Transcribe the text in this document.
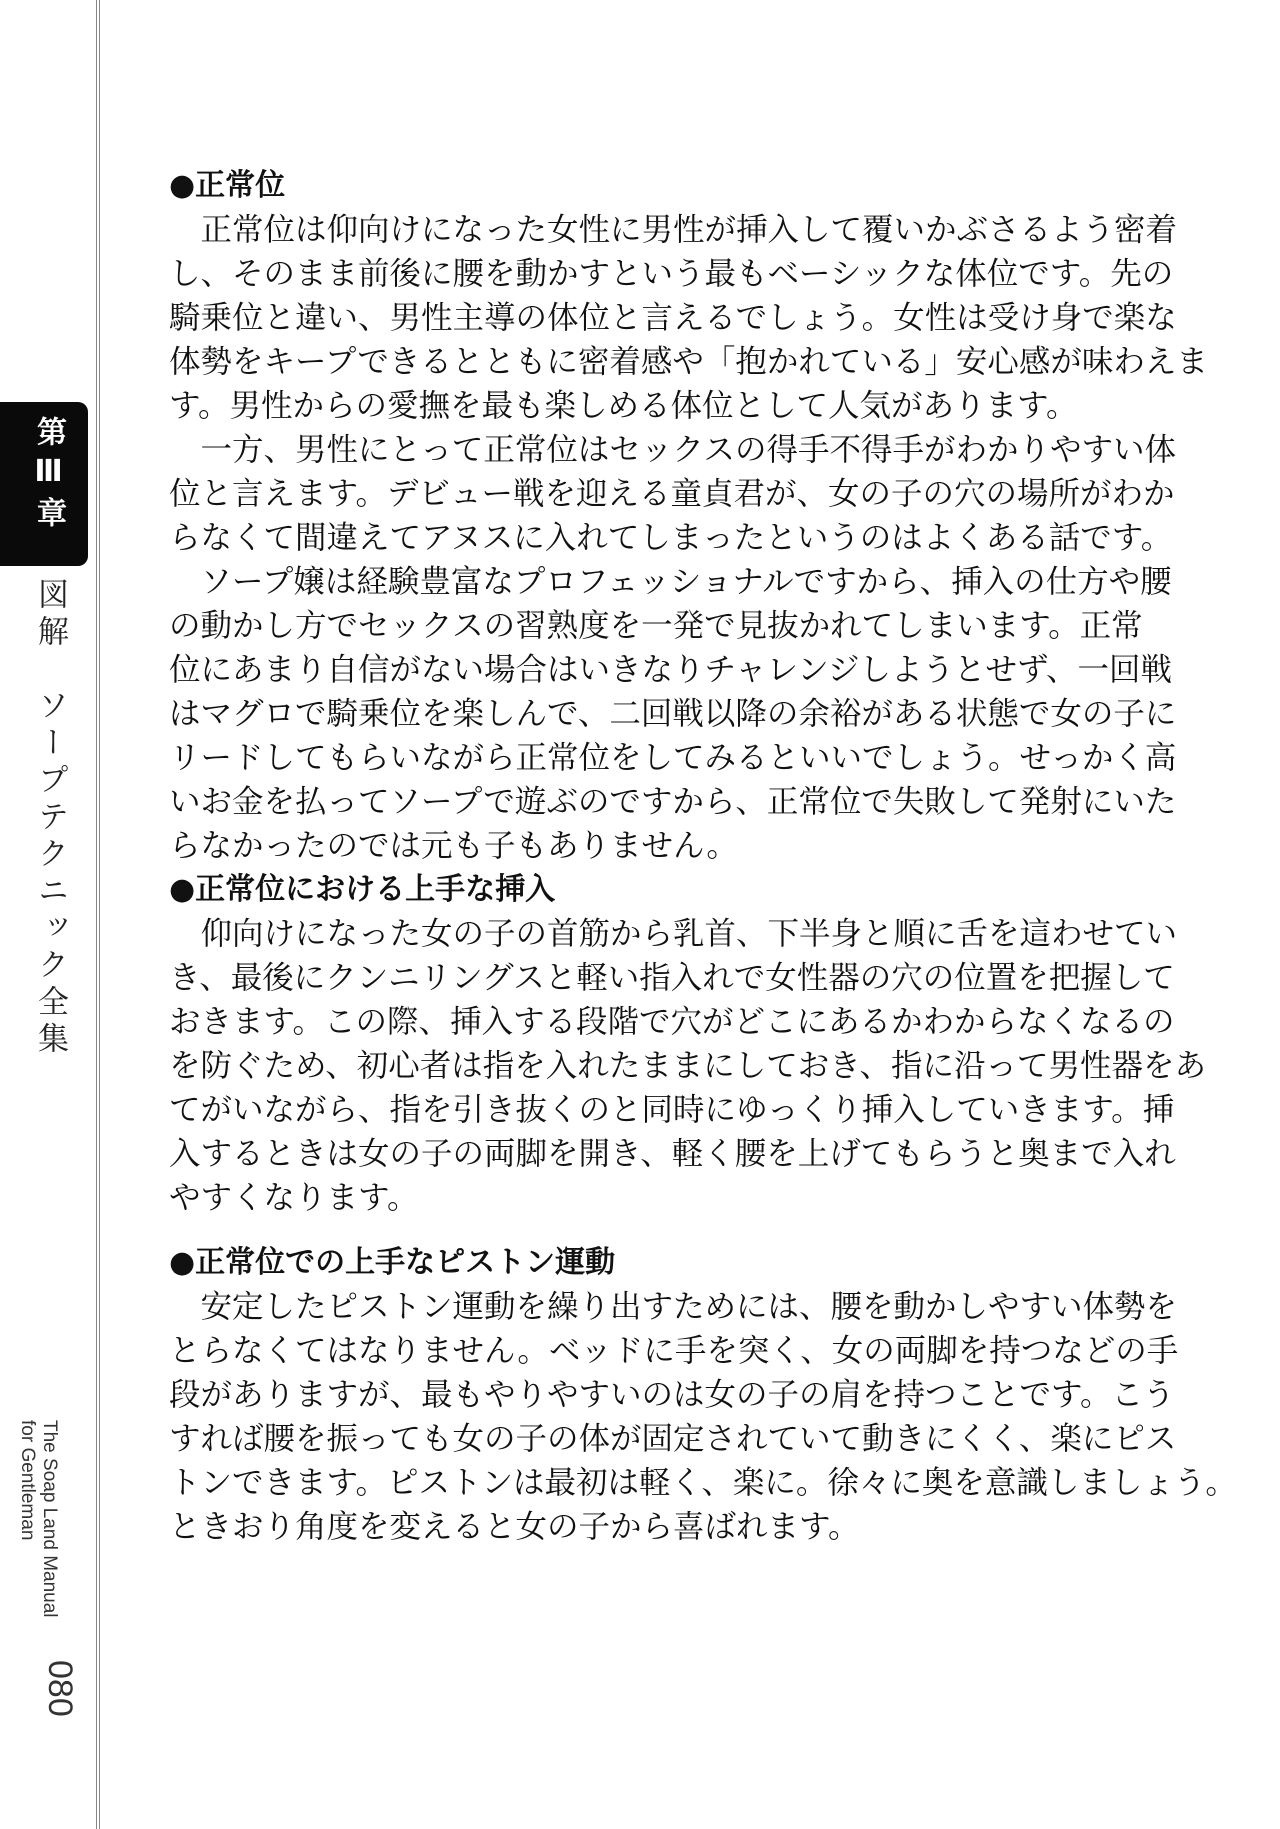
第Ⅲ章
図解　ソープテクニック全集
The Soap Land Manual
for Gentleman
080
●正常位
　正常位は仰向けになった女性に男性が挿入して覆いかぶさるよう密着
し、そのまま前後に腰を動かすという最もベーシックな体位です。先の
騎乗位と違い、男性主導の体位と言えるでしょう。女性は受け身で楽な
体勢をキープできるとともに密着感や「抱かれている」安心感が味わえま
す。男性からの愛撫を最も楽しめる体位として人気があります。
　一方、男性にとって正常位はセックスの得手不得手がわかりやすい体
位と言えます。デビュー戦を迎える童貞君が、女の子の穴の場所がわか
らなくて間違えてアヌスに入れてしまったというのはよくある話です。
　ソープ嬢は経験豊富なプロフェッショナルですから、挿入の仕方や腰
の動かし方でセックスの習熟度を一発で見抜かれてしまいます。正常
位にあまり自信がない場合はいきなりチャレンジしようとせず、一回戦
はマグロで騎乗位を楽しんで、二回戦以降の余裕がある状態で女の子に
リードしてもらいながら正常位をしてみるといいでしょう。せっかく高
いお金を払ってソープで遊ぶのですから、正常位で失敗して発射にいた
らなかったのでは元も子もありません。
●正常位における上手な挿入
　仰向けになった女の子の首筋から乳首、下半身と順に舌を這わせてい
き、最後にクンニリングスと軽い指入れで女性器の穴の位置を把握して
おきます。この際、挿入する段階で穴がどこにあるかわからなくなるの
を防ぐため、初心者は指を入れたままにしておき、指に沿って男性器をあ
てがいながら、指を引き抜くのと同時にゆっくり挿入していきます。挿
入するときは女の子の両脚を開き、軽く腰を上げてもらうと奥まで入れ
やすくなります。
●正常位での上手なピストン運動
　安定したピストン運動を繰り出すためには、腰を動かしやすい体勢を
とらなくてはなりません。ベッドに手を突く、女の両脚を持つなどの手
段がありますが、最もやりやすいのは女の子の肩を持つことです。こう
すれば腰を振っても女の子の体が固定されていて動きにくく、楽にピス
トンできます。ピストンは最初は軽く、楽に。徐々に奥を意識しましょう。
ときおり角度を変えると女の子から喜ばれます。
